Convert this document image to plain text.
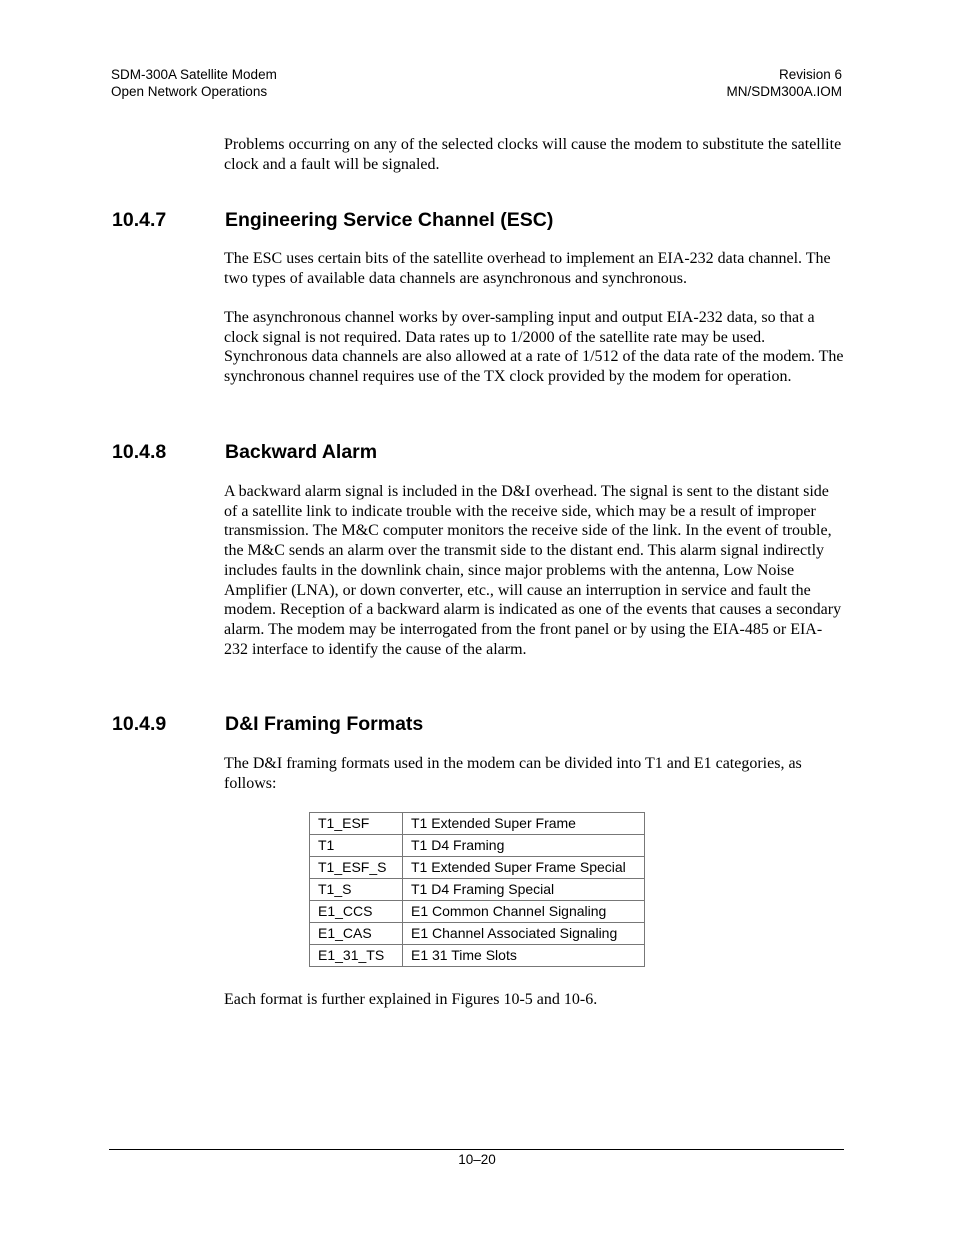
SDM-300A Satellite Modem
Open Network Operations
Revision 6
MN/SDM300A.IOM

Problems occurring on any of the selected clocks will cause the modem to substitute the satellite clock and a fault will be signaled.

10.4.7	Engineering Service Channel (ESC)

The ESC uses certain bits of the satellite overhead to implement an EIA-232 data channel. The two types of available data channels are asynchronous and synchronous.

The asynchronous channel works by over-sampling input and output EIA-232 data, so that a clock signal is not required. Data rates up to 1/2000 of the satellite rate may be used. Synchronous data channels are also allowed at a rate of 1/512 of the data rate of the modem. The synchronous channel requires use of the TX clock provided by the modem for operation.

10.4.8	Backward Alarm

A backward alarm signal is included in the D&I overhead. The signal is sent to the distant side of a satellite link to indicate trouble with the receive side, which may be a result of improper transmission. The M&C computer monitors the receive side of the link. In the event of trouble, the M&C sends an alarm over the transmit side to the distant end. This alarm signal indirectly includes faults in the downlink chain, since major problems with the antenna, Low Noise Amplifier (LNA), or down converter, etc., will cause an interruption in service and fault the modem. Reception of a backward alarm is indicated as one of the events that causes a secondary alarm. The modem may be interrogated from the front panel or by using the EIA-485 or EIA-232 interface to identify the cause of the alarm.

10.4.9	D&I Framing Formats

The D&I framing formats used in the modem can be divided into T1 and E1 categories, as follows:

T1_ESF	T1 Extended Super Frame
T1	T1 D4 Framing
T1_ESF_S	T1 Extended Super Frame Special
T1_S	T1 D4 Framing Special
E1_CCS	E1 Common Channel Signaling
E1_CAS	E1 Channel Associated Signaling
E1_31_TS	E1 31 Time Slots

Each format is further explained in Figures 10-5 and 10-6.

10–20
